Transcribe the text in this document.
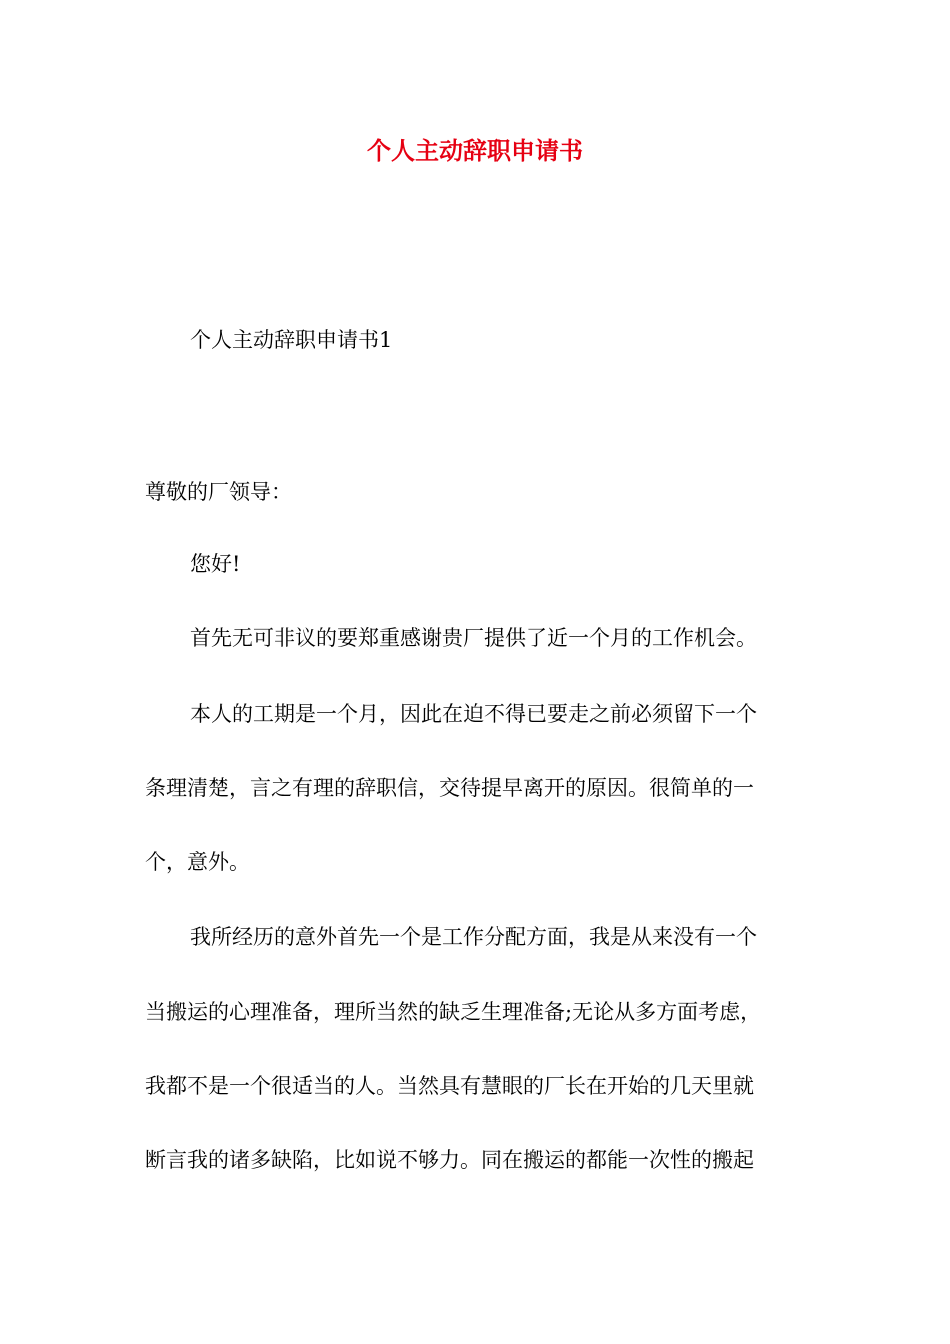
个人主动辞职申请书

个人主动辞职申请书1

尊敬的厂领导：

您好!

首先无可非议的要郑重感谢贵厂提供了近一个月的工作机会。

本人的工期是一个月，因此在迫不得已要走之前必须留下一个

条理清楚，言之有理的辞职信，交待提早离开的原因。很简单的一

个，意外。

我所经历的意外首先一个是工作分配方面，我是从来没有一个

当搬运的心理准备，理所当然的缺乏生理准备;无论从多方面考虑，

我都不是一个很适当的人。当然具有慧眼的厂长在开始的几天里就

断言我的诸多缺陷，比如说不够力。同在搬运的都能一次性的搬起
